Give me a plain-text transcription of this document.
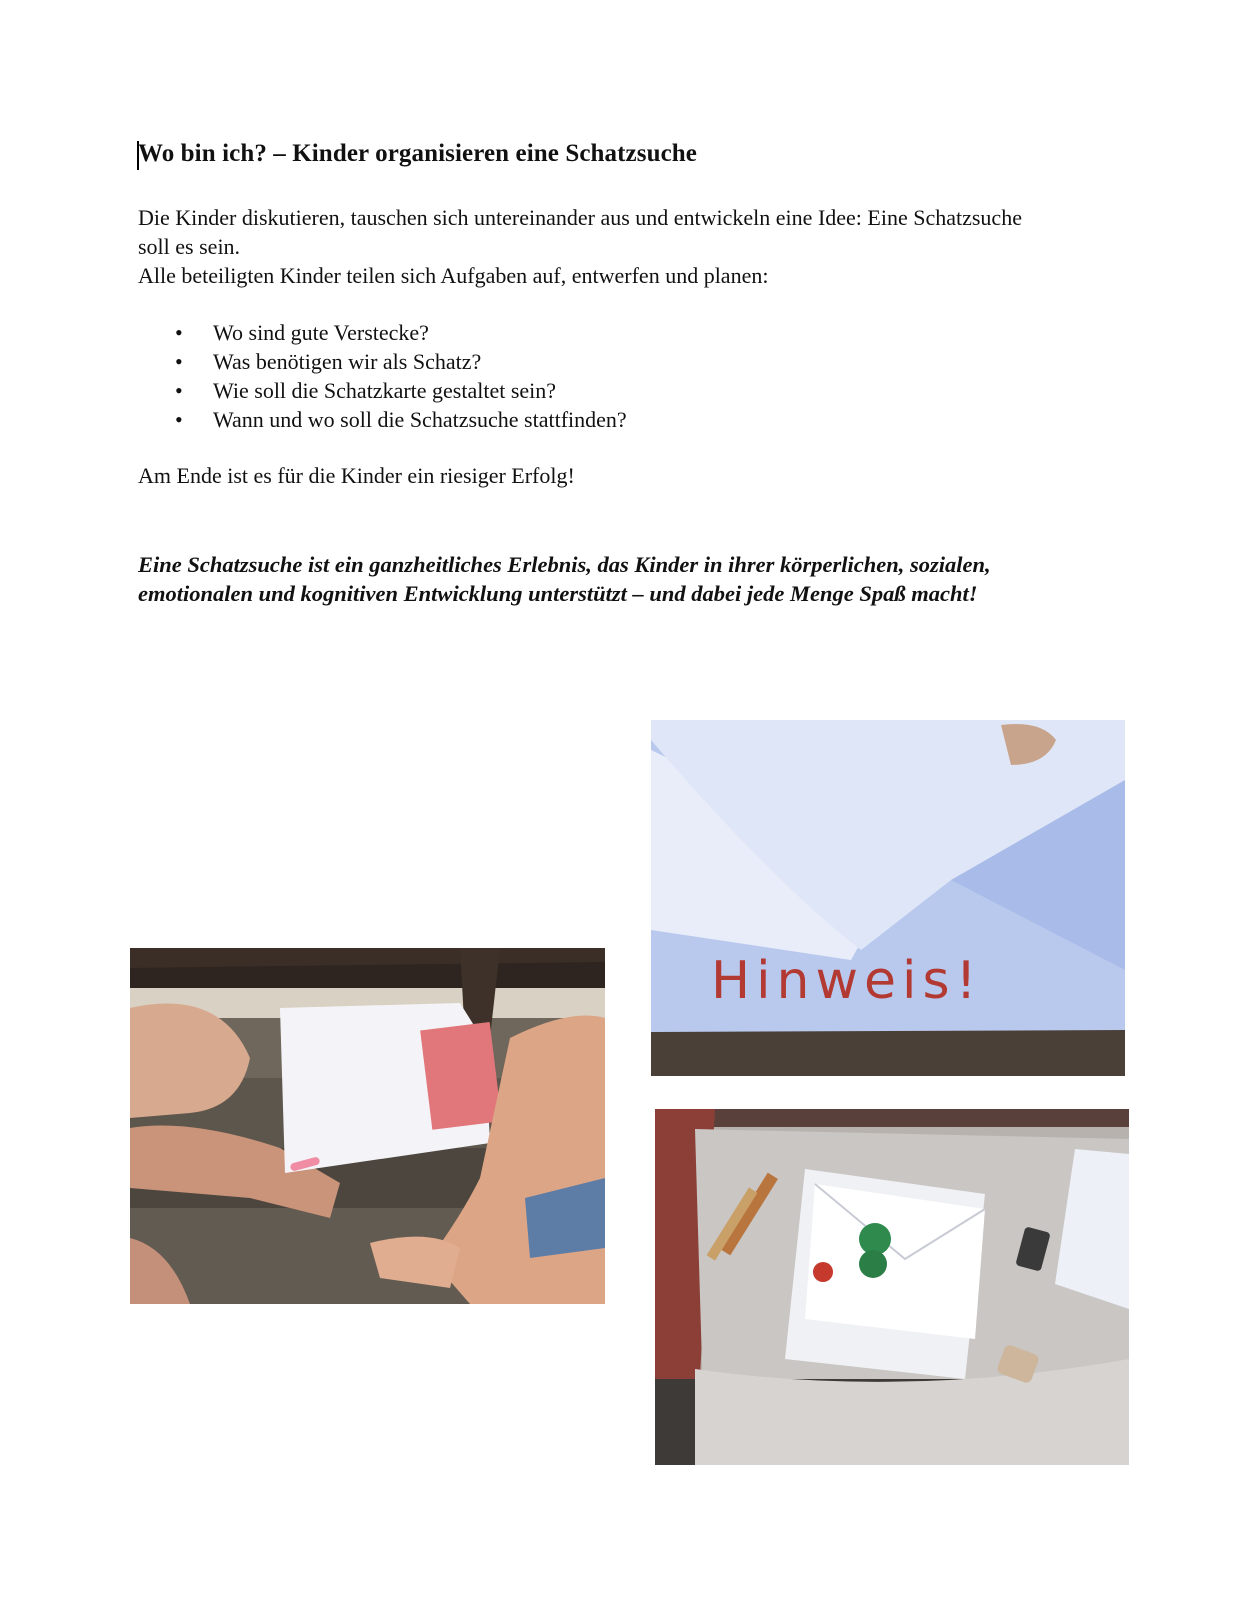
Wo bin ich? – Kinder organisieren eine Schatzsuche

Die Kinder diskutieren, tauschen sich untereinander aus und entwickeln eine Idee: Eine Schatzsuche soll es sein.

Alle beteiligten Kinder teilen sich Aufgaben auf, entwerfen und planen:

• Wo sind gute Verstecke?
• Was benötigen wir als Schatz?
• Wie soll die Schatzkarte gestaltet sein?
• Wann und wo soll die Schatzsuche stattfinden?

Am Ende ist es für die Kinder ein riesiger Erfolg!

Eine Schatzsuche ist ein ganzheitliches Erlebnis, das Kinder in ihrer körperlichen, sozialen, emotionalen und kognitiven Entwicklung unterstützt – und dabei jede Menge Spaß macht!

Hinweis!
